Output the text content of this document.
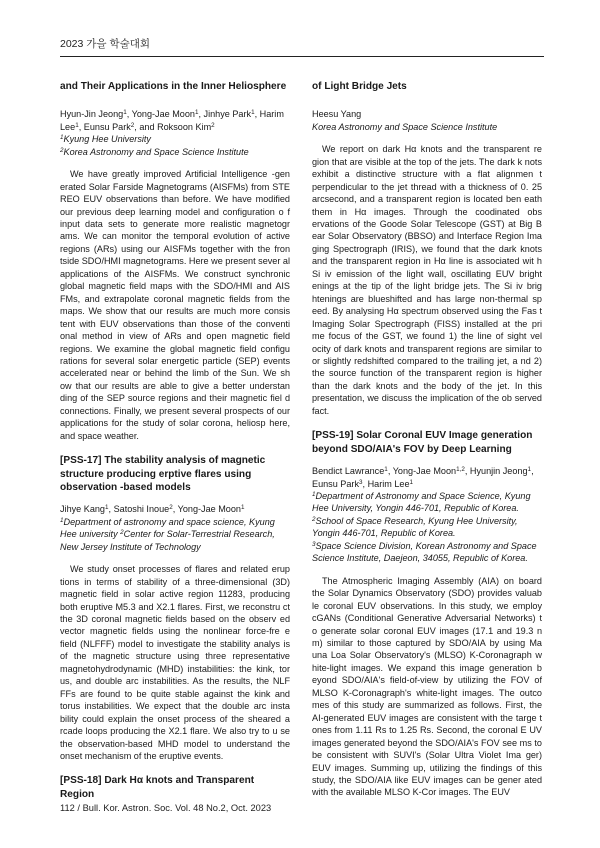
2023 가을 학술대회

and Their Applications in the Inner Heliosphere

Hyun-Jin Jeong$^1$, Yong-Jae Moon$^1$, Jinhye Park$^1$, Harim Lee$^1$, Eunsu Park$^2$, and Roksoon Kim$^2$

$^1$Kyung Hee University

$^2$Korea Astronomy and Space Science Institute

We have greatly improved Artificial Intelligence -gen erated Solar Farside Magnetograms (AISFMs) from STE REO EUV observations than before. We have modified our previous deep learning model and configuration o f input data sets to generate more realistic magnetogr ams. We can monitor the temporal evolution of active regions (ARs) using our AISFMs together with the fron tside SDO/HMI magnetograms. Here we present sever al applications of the AISFMs. We construct synchronic global magnetic field maps with the SDO/HMI and AIS FMs, and extrapolate coronal magnetic fields from the maps. We show that our results are much more consis tent with EUV observations than those of the conventi onal method in view of ARs and open magnetic field regions. We examine the global magnetic field configu rations for several solar energetic particle (SEP) events accelerated near or behind the limb of the Sun. We sh ow that our results are able to give a better understan ding of the SEP source regions and their magnetic fiel d connections. Finally, we present several prospects of our applications for the study of solar corona, heliosp here, and space weather.

[PSS-17] The stability analysis of magnetic structure producing erptive flares using observation -based models

Jihye Kang$^1$, Satoshi Inoue$^2$, Yong-Jae Moon$^1$

$^1$Department of astronomy and space science, Kyung Hee university $^2$Center for Solar-Terrestrial Research, New Jersey Institute of Technology

We study onset processes of flares and related erup tions in terms of stability of a three-dimensional (3D) magnetic field in solar active region 11283, producing both eruptive M5.3 and X2.1 flares. First, we reconstru ct the 3D coronal magnetic fields based on the observ ed vector magnetic fields using the nonlinear force-fre e field (NLFFF) model to investigate the stability analys is of the magnetic structure using three representative magnetohydrodynamic (MHD) instabilities: the kink, tor us, and double arc instabilities. As the results, the NLF FFs are found to be quite stable against the kink and torus instabilities. We expect that the double arc insta bility could explain the onset process of the sheared a rcade loops producing the X2.1 flare. We also try to u se the observation-based MHD model to understand the onset mechanism of the eruptive events.

[PSS-18] Dark Hα knots and Transparent Region

of Light Bridge Jets

Heesu Yang

Korea Astronomy and Space Science Institute

We report on dark Hα knots and the transparent re gion that are visible at the top of the jets. The dark k nots exhibit a distinctive structure with a flat alignmen t perpendicular to the jet thread with a thickness of 0. 25 arcsecond, and a transparent region is located ben eath them in Hα images. Through the coodinated obs ervations of the Goode Solar Telescope (GST) at Big B ear Solar Observatory (BBSO) and Interface Region Ima ging Spectrograph (IRIS), we found that the dark knots and the transparent region in Hα line is associated wit h Si iv emission of the light wall, oscillating EUV bright enings at the tip of the light bridge jets. The Si iv brig htenings are blueshifted and has large non-thermal sp eed. By analysing Hα spectrum observed using the Fas t Imaging Solar Spectrograph (FISS) installed at the pri me focus of the GST, we found 1) the line of sight vel ocity of dark knots and transparent regions are similar to or slightly redshifted compared to the trailing jet, a nd 2) the source function of the transparent region is higher than the dark knots and the body of the jet. In this presentation, we discuss the implication of the ob served fact.

[PSS-19] Solar Coronal EUV Image generation beyond SDO/AIA's FOV by Deep Learning

Bendict Lawrance$^1$, Yong-Jae Moon$^{1,2}$, Hyunjin Jeong$^1$, Eunsu Park$^3$, Harim Lee$^1$

$^1$Department of Astronomy and Space Science, Kyung Hee University, Yongin 446-701, Republic of Korea.

$^2$School of Space Research, Kyung Hee University, Yongin 446-701, Republic of Korea.

$^3$Space Science Division, Korean Astronomy and Space Science Institute, Daejeon, 34055, Republic of Korea.

The Atmospheric Imaging Assembly (AIA) on board the Solar Dynamics Observatory (SDO) provides valuab le coronal EUV observations. In this study, we employ cGANs (Conditional Generative Adversarial Networks) t o generate solar coronal EUV images (17.1 and 19.3 n m) similar to those captured by SDO/AIA by using Ma una Loa Solar Observatory's (MLSO) K-Coronagraph w hite-light images. We expand this image generation b eyond SDO/AIA's field-of-view by utilizing the FOV of MLSO K-Coronagraph's white-light images. The outco mes of this study are summarized as follows. First, the AI-generated EUV images are consistent with the targe t ones from 1.11 Rs to 1.25 Rs. Second, the coronal E UV images generated beyond the SDO/AIA's FOV see ms to be consistent with SUVI's (Solar Ultra Violet Ima ger) EUV images. Summing up, utilizing the findings of this study, the SDO/AIA like EUV images can be gener ated with the available MLSO K-Cor images. The EUV

112 / Bull. Kor. Astron. Soc. Vol. 48 No.2, Oct. 2023
